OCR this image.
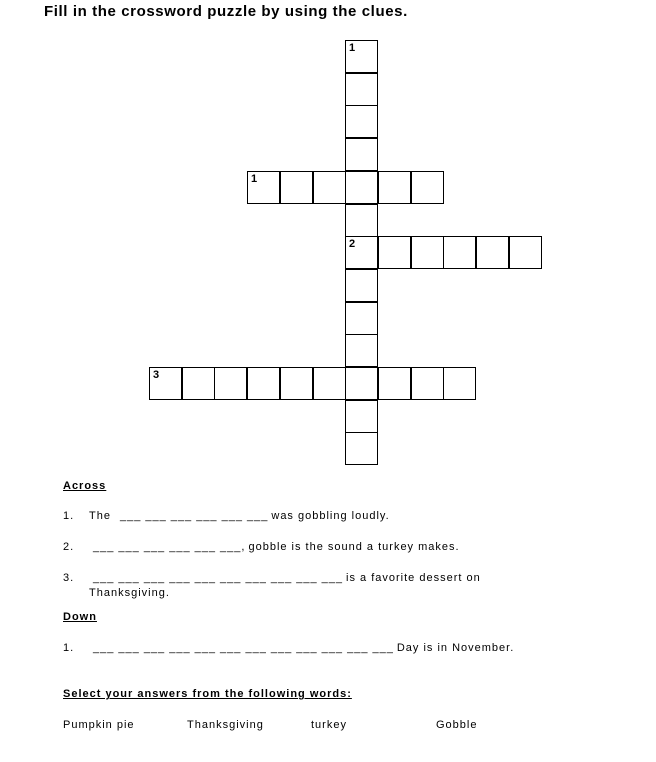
Fill in the crossword puzzle by using the clues.
1
2
1
3
Across
1. The ___ ___ ___ ___ ___ ___ was gobbling loudly.
2. ___ ___ ___ ___ ___ ___, gobble is the sound a turkey makes.
3. ___ ___ ___ ___ ___ ___ ___ ___ ___ ___ is a favorite dessert on
Thanksgiving.
Down
1. ___ ___ ___ ___ ___ ___ ___ ___ ___ ___ ___ ___ Day is in November.
Select your answers from the following words:
Pumpkin pie	Thanksgiving	turkey	Gobble
